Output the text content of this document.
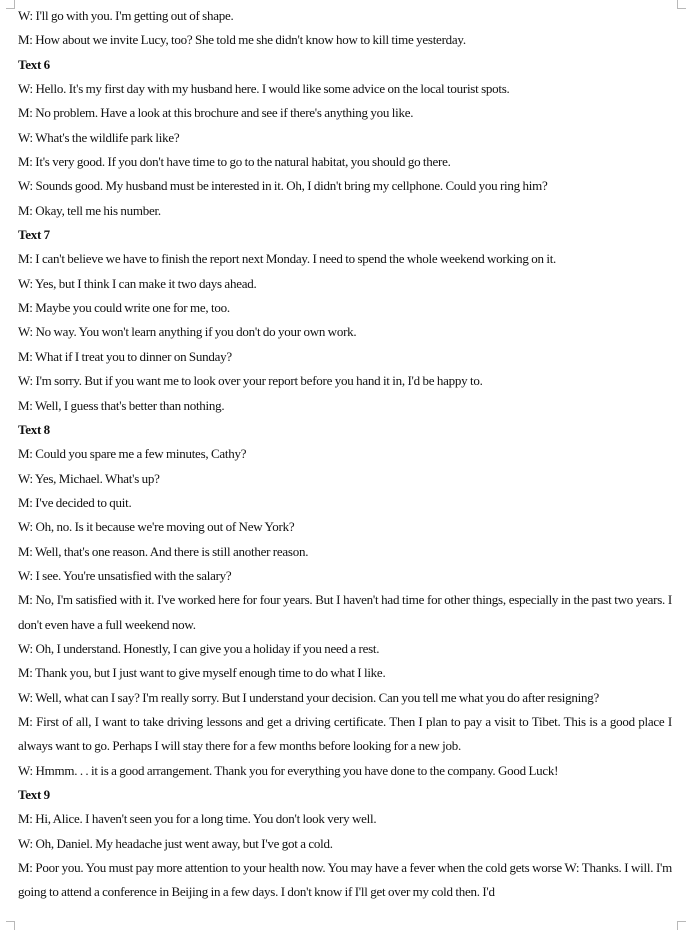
W: I'll go with you. I'm getting out of shape.

M: How about we invite Lucy, too? She told me she didn't know how to kill time yesterday.

Text 6

W: Hello. It's my first day with my husband here. I would like some advice on the local tourist spots.

M: No problem. Have a look at this brochure and see if there's anything you like.

W: What's the wildlife park like?

M: It's very good. If you don't have time to go to the natural habitat, you should go there.

W: Sounds good. My husband must be interested in it. Oh, I didn't bring my cellphone. Could you ring him?

M: Okay, tell me his number.

Text 7

M: I can't believe we have to finish the report next Monday. I need to spend the whole weekend working on it.

W: Yes, but I think I can make it two days ahead.

M: Maybe you could write one for me, too.

W: No way. You won't learn anything if you don't do your own work.

M: What if I treat you to dinner on Sunday?

W: I'm sorry. But if you want me to look over your report before you hand it in, I'd be happy to.

M: Well, I guess that's better than nothing.

Text 8

M: Could you spare me a few minutes, Cathy?

W: Yes, Michael. What's up?

M: I've decided to quit.

W: Oh, no. Is it because we're moving out of New York?

M: Well, that's one reason. And there is still another reason.

W: I see. You're unsatisfied with the salary?

M: No, I'm satisfied with it. I've worked here for four years. But I haven't had time for other things, especially in the past two years. I don't even have a full weekend now.

W: Oh, I understand. Honestly, I can give you a holiday if you need a rest.

M: Thank you, but I just want to give myself enough time to do what I like.

W: Well, what can I say? I'm really sorry. But I understand your decision. Can you tell me what you do after resigning?

M: First of all, I want to take driving lessons and get a driving certificate. Then I plan to pay a visit to Tibet. This is a good place I always want to go. Perhaps I will stay there for a few months before looking for a new job.

W: Hmmm. . . it is a good arrangement. Thank you for everything you have done to the company. Good Luck!

Text 9

M: Hi, Alice. I haven't seen you for a long time. You don't look very well.

W: Oh, Daniel. My headache just went away, but I've got a cold.

M: Poor you. You must pay more attention to your health now. You may have a fever when the cold gets worse W: Thanks. I will. I'm going to attend a conference in Beijing in a few days. I don't know if I'll get over my cold then. I'd
